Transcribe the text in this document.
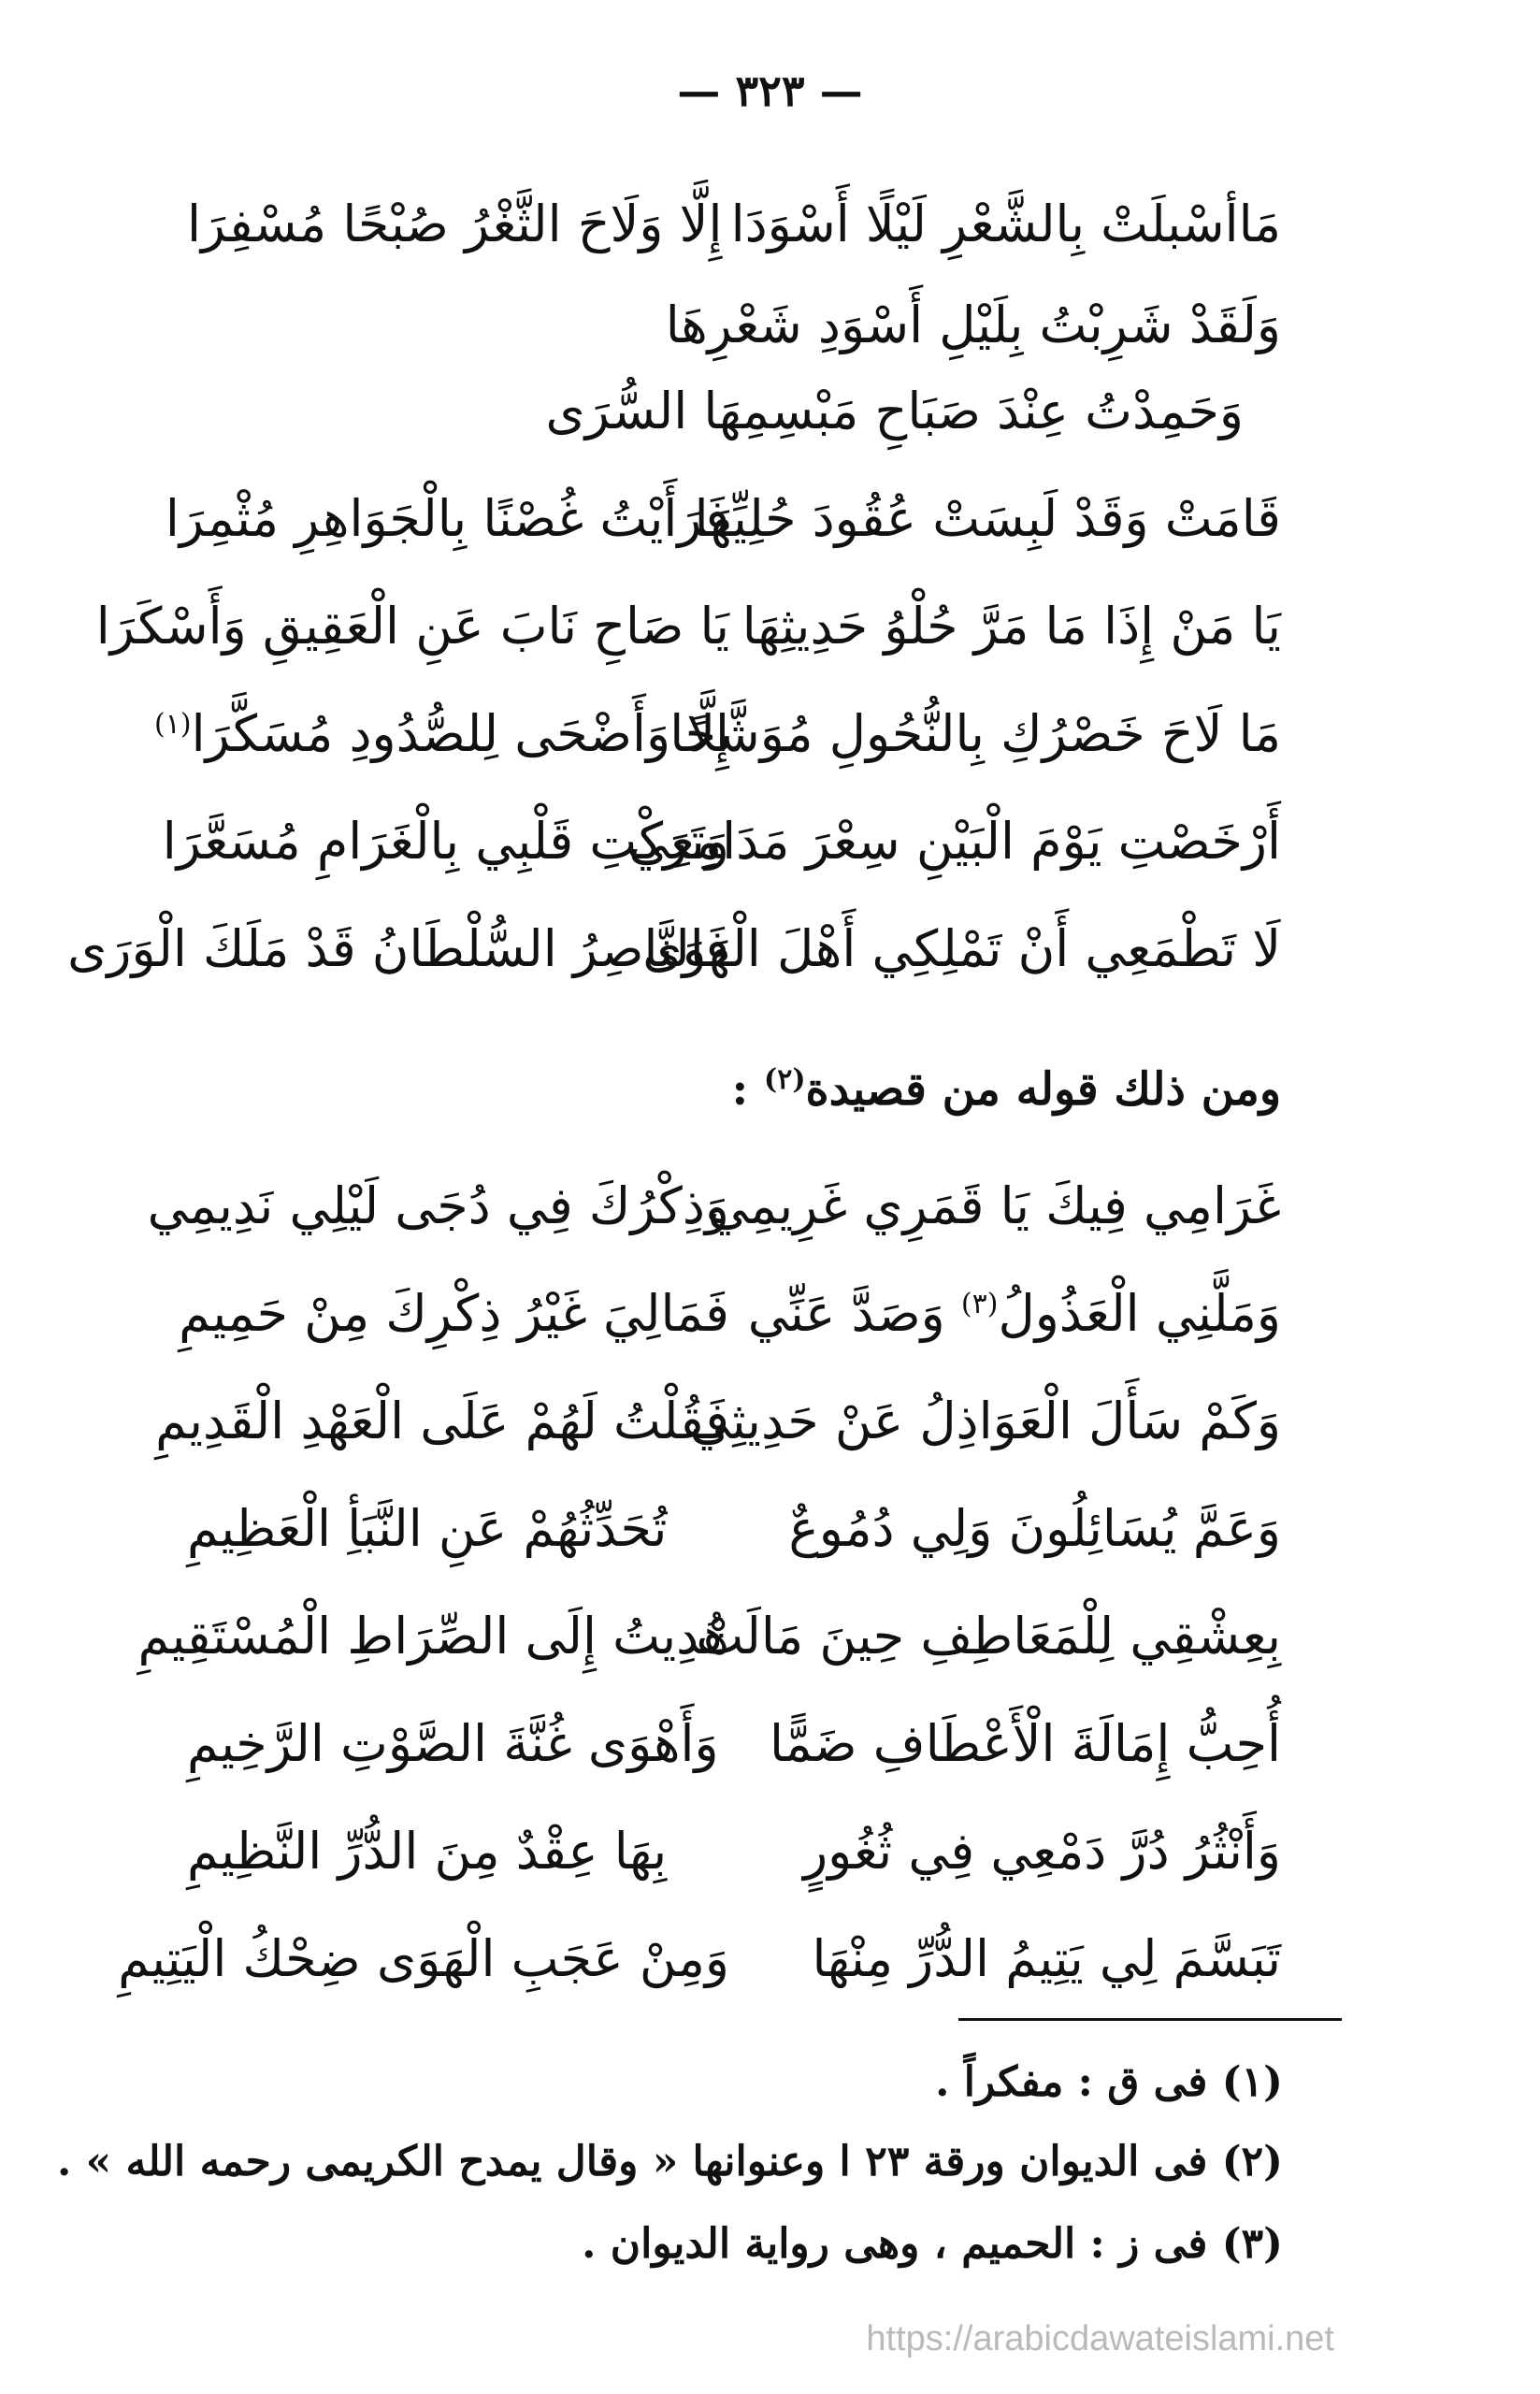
— ٣٢٣ —
مَاأسْبلَتْ بِالشَّعْرِ لَيْلًا أَسْوَدَا
إِلَّا وَلَاحَ الثَّغْرُ صُبْحًا مُسْفِرَا
وَلَقَدْ شَرِبْتُ بِلَيْلِ أَسْوَدِ شَعْرِهَا
وَحَمِدْتُ عِنْدَ صَبَاحِ مَبْسِمِهَا السُّرَى
قَامَتْ وَقَدْ لَبِسَتْ عُقُودَ حُلِيِّهَا
فَرَأَيْتُ غُصْنًا بِالْجَوَاهِرِ مُثْمِرَا
يَا مَنْ إِذَا مَا مَرَّ حُلْوُ حَدِيثِهَا
يَا صَاحِ نَابَ عَنِ الْعَقِيقِ وَأَسْكَرَا
مَا لَاحَ خَصْرُكِ بِالنُّحُولِ مُوَشَّحًا
إِلَّا وَأَضْحَى لِلصُّدُودِ مُسَكَّرَا$^{(١)}$
أَرْخَصْتِ يَوْمَ الْبَيْنِ سِعْرَ مَدَامِعِي
وَتَرَكْتِ قَلْبِي بِالْغَرَامِ مُسَعَّرَا
لَا تَطْمَعِي أَنْ تَمْلِكِي أَهْلَ الْهَوَى
فَالنَّاصِرُ السُّلْطَانُ قَدْ مَلَكَ الْوَرَى
ومن ذلك قوله من قصيدة$^{(٢)}$ :
غَرَامِي فِيكَ يَا قَمَرِي غَرِيمِي
وَذِكْرُكَ فِي دُجَى لَيْلِي نَدِيمِي
وَمَلَّنِي الْعَذُولُ$^{(٣)}$ وَصَدَّ عَنِّي
فَمَالِيَ غَيْرُ ذِكْرِكَ مِنْ حَمِيمِ
وَكَمْ سَأَلَ الْعَوَاذِلُ عَنْ حَدِيثِي
فَقُلْتُ لَهُمْ عَلَى الْعَهْدِ الْقَدِيمِ
وَعَمَّ يُسَائِلُونَ وَلِي دُمُوعٌ
تُحَدِّثُهُمْ عَنِ النَّبَأِ الْعَظِيمِ
بِعِشْقِي لِلْمَعَاطِفِ حِينَ مَالَتْ
هُدِيتُ إِلَى الصِّرَاطِ الْمُسْتَقِيمِ
أُحِبُّ إِمَالَةَ الْأَعْطَافِ ضَمًّا
وَأَهْوَى غُنَّةَ الصَّوْتِ الرَّخِيمِ
وَأَنْثُرُ دُرَّ دَمْعِي فِي ثُغُورٍ
بِهَا عِقْدٌ مِنَ الدُّرِّ النَّظِيمِ
تَبَسَّمَ لِي يَتِيمُ الدُّرِّ مِنْهَا
وَمِنْ عَجَبِ الْهَوَى ضِحْكُ الْيَتِيمِ
(١) فى ق : مفكراً .
(٢) فى الديوان ورقة ٢٣ ا وعنوانها « وقال يمدح الكريمى رحمه الله » .
(٣) فى ز : الحميم ، وهى رواية الديوان .
https://arabicdawateislami.net
